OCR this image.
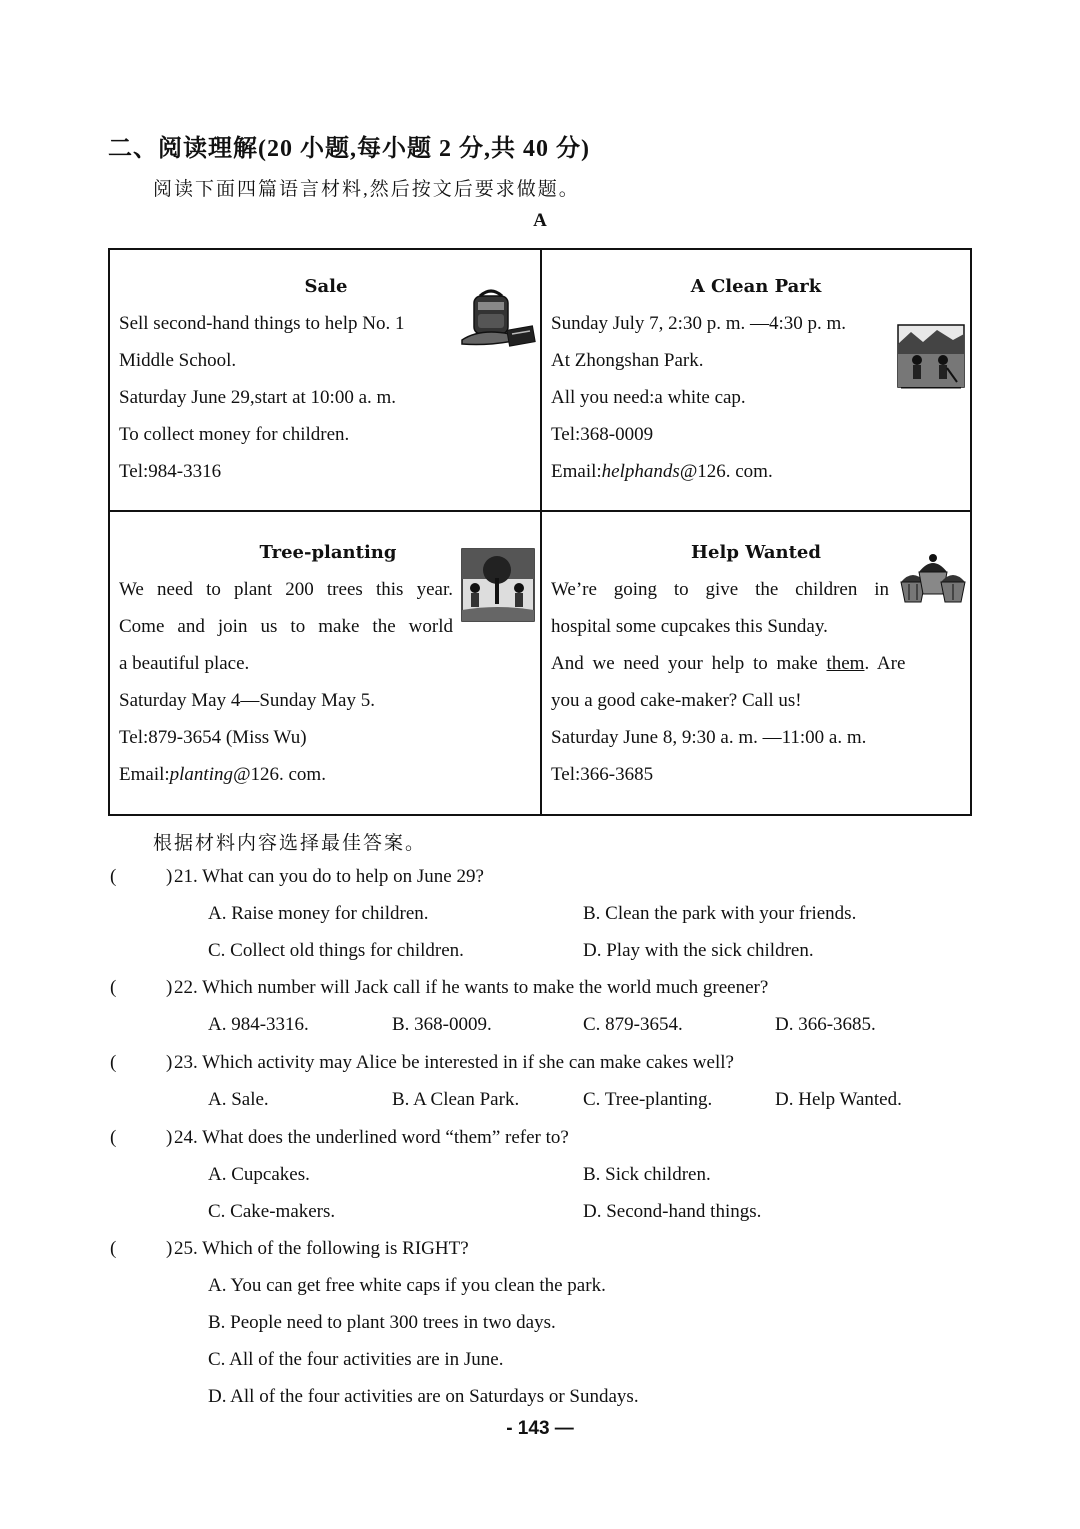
二、阅读理解(20 小题,每小题 2 分,共 40 分)
阅读下面四篇语言材料,然后按文后要求做题。
A
Sale
Sell second-hand things to help No. 1
Middle School.
Saturday June 29,start at 10:00 a. m.
To collect money for children.
Tel:984-3316
A Clean Park
Sunday July 7, 2:30 p. m. —4:30 p. m.
At Zhongshan Park.
All you need:a white cap.
Tel:368-0009
Email:helphands@126. com.
Tree-planting
We need to plant 200 trees this year.
Come and join us to make the world
a beautiful place.
Saturday May 4—Sunday May 5.
Tel:879-3654 (Miss Wu)
Email:planting@126. com.
Help Wanted
We’re going to give the children in
hospital some cupcakes this Sunday.
And we need your help to make them. Are
you a good cake-maker? Call us!
Saturday June 8, 9:30 a. m. —11:00 a. m.
Tel:366-3685
根据材料内容选择最佳答案。
(	) 21. What can you do to help on June 29?
A. Raise money for children.	B. Clean the park with your friends.
C. Collect old things for children.	D. Play with the sick children.
(	) 22. Which number will Jack call if he wants to make the world much greener?
A. 984-3316.	B. 368-0009.	C. 879-3654.	D. 366-3685.
(	) 23. Which activity may Alice be interested in if she can make cakes well?
A. Sale.	B. A Clean Park.	C. Tree-planting.	D. Help Wanted.
(	) 24. What does the underlined word “them” refer to?
A. Cupcakes.	B. Sick children.
C. Cake-makers.	D. Second-hand things.
(	) 25. Which of the following is RIGHT?
A. You can get free white caps if you clean the park.
B. People need to plant 300 trees in two days.
C. All of the four activities are in June.
D. All of the four activities are on Saturdays or Sundays.
- 143 —
